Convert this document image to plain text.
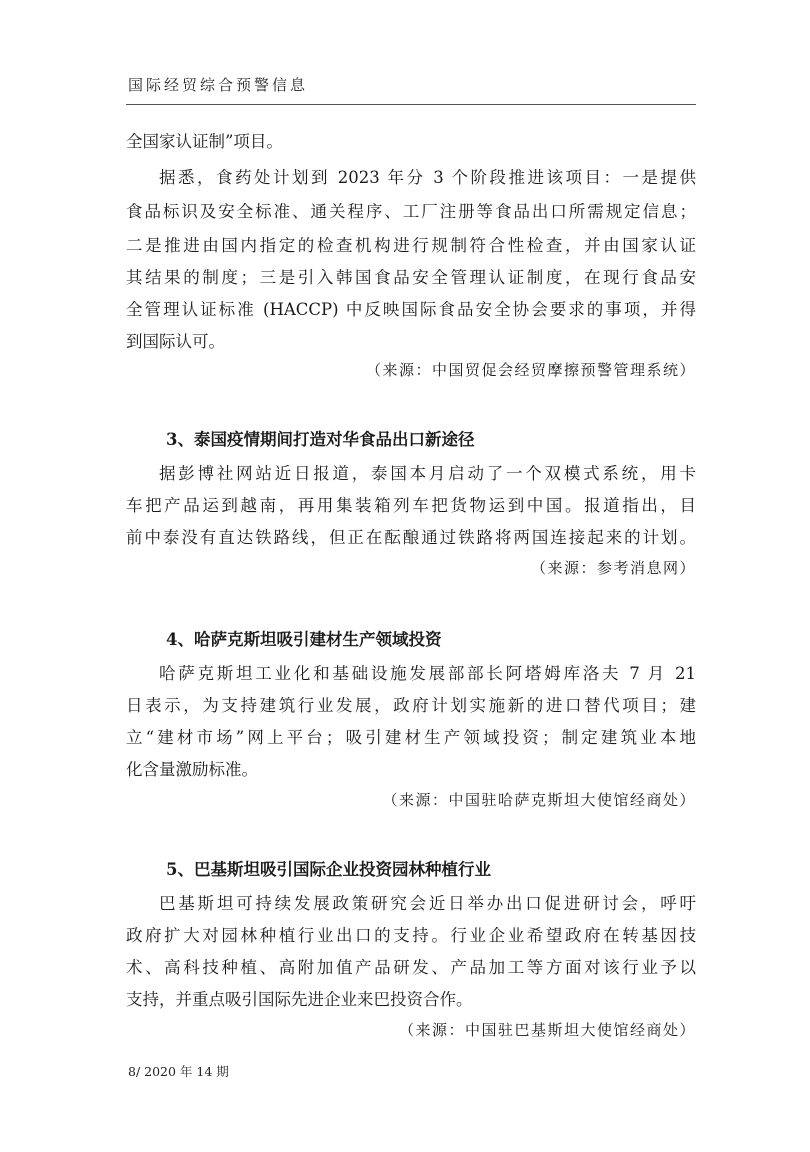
国际经贸综合预警信息
全国家认证制”项目。
据悉，食药处计划到 2023 年分 3 个阶段推进该项目：一是提供
食品标识及安全标准、通关程序、工厂注册等食品出口所需规定信息；
二是推进由国内指定的检查机构进行规制符合性检查，并由国家认证
其结果的制度；三是引入韩国食品安全管理认证制度，在现行食品安
全管理认证标准 (HACCP) 中反映国际食品安全协会要求的事项，并得
到国际认可。
（来源：中国贸促会经贸摩擦预警管理系统）
3、泰国疫情期间打造对华食品出口新途径
据彭博社网站近日报道，泰国本月启动了一个双模式系统，用卡
车把产品运到越南，再用集装箱列车把货物运到中国。报道指出，目
前中泰没有直达铁路线，但正在酝酿通过铁路将两国连接起来的计划。
（来源：参考消息网）
4、哈萨克斯坦吸引建材生产领域投资
哈萨克斯坦工业化和基础设施发展部部长阿塔姆库洛夫 7 月 21
日表示，为支持建筑行业发展，政府计划实施新的进口替代项目；建
立“建材市场”网上平台；吸引建材生产领域投资；制定建筑业本地
化含量激励标准。
（来源：中国驻哈萨克斯坦大使馆经商处）
5、巴基斯坦吸引国际企业投资园林种植行业
巴基斯坦可持续发展政策研究会近日举办出口促进研讨会，呼吁
政府扩大对园林种植行业出口的支持。行业企业希望政府在转基因技
术、高科技种植、高附加值产品研发、产品加工等方面对该行业予以
支持，并重点吸引国际先进企业来巴投资合作。
（来源：中国驻巴基斯坦大使馆经商处）
8/ 2020 年 14 期
